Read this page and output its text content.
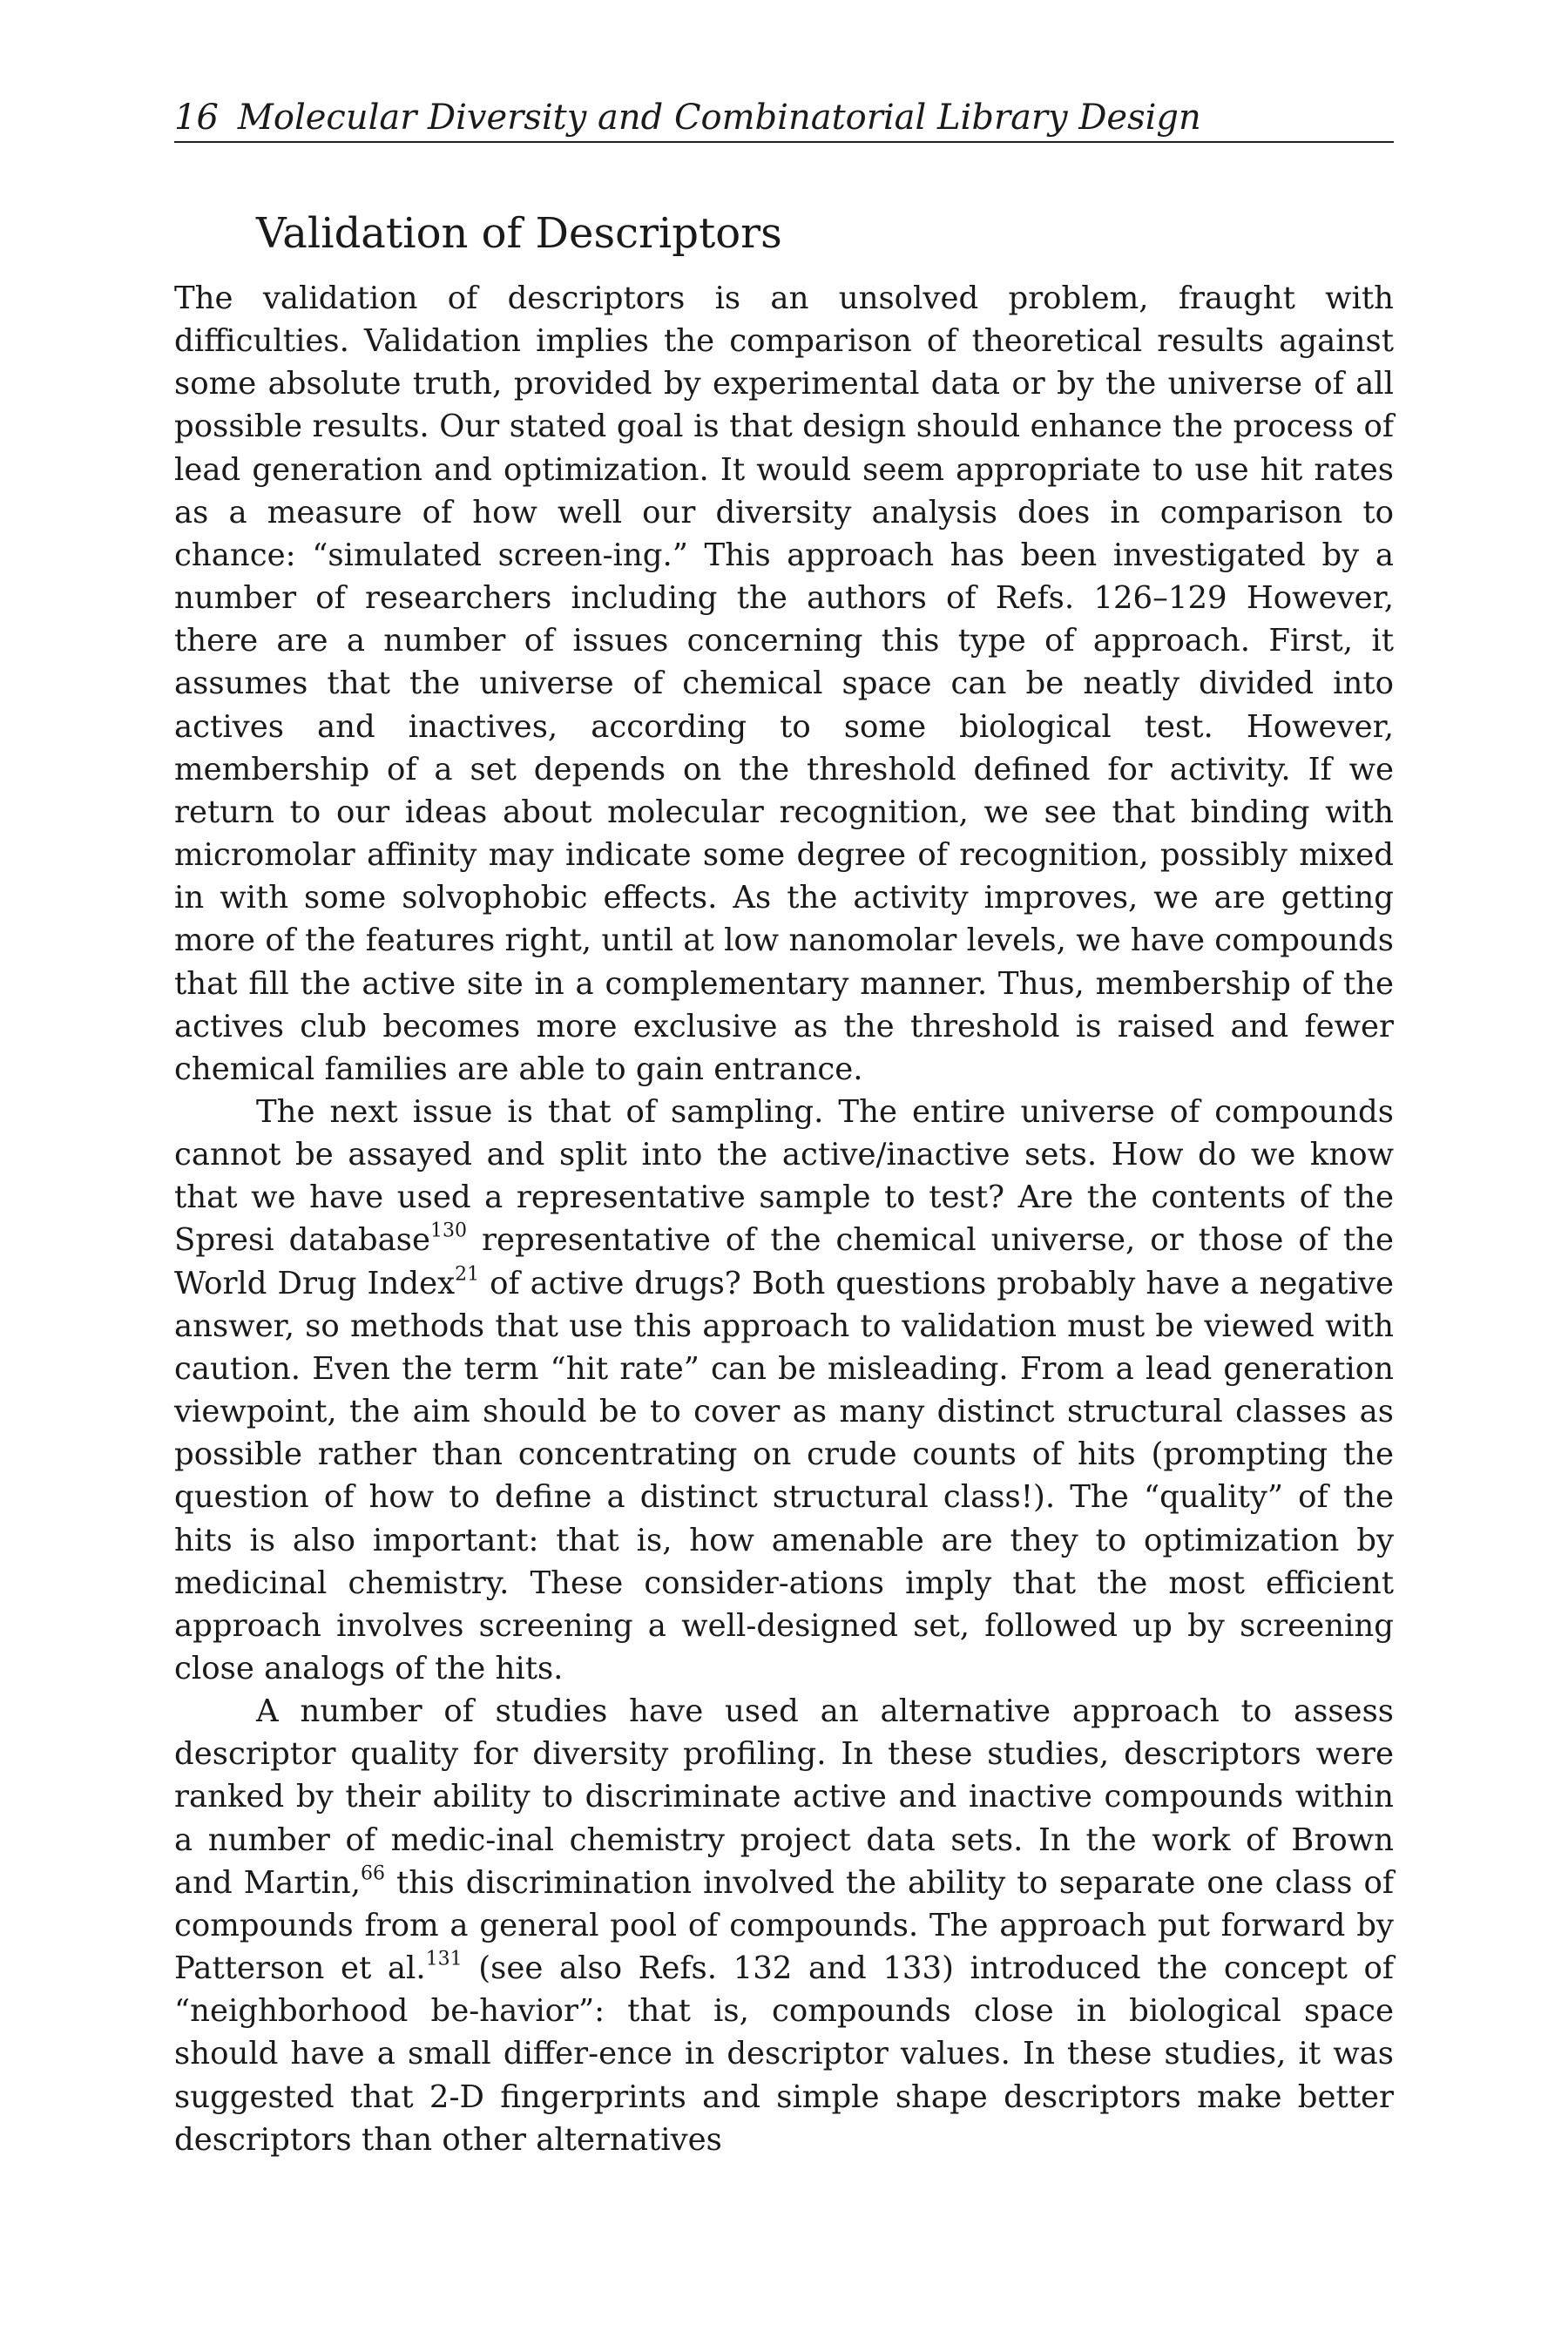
16 Molecular Diversity and Combinatorial Library Design
Validation of Descriptors

The validation of descriptors is an unsolved problem, fraught with difficulties. Validation implies the comparison of theoretical results against some absolute truth, provided by experimental data or by the universe of all possible results. Our stated goal is that design should enhance the process of lead generation and optimization. It would seem appropriate to use hit rates as a measure of how well our diversity analysis does in comparison to chance: “simulated screen-ing.” This approach has been investigated by a number of researchers including the authors of Refs. 126–129 However, there are a number of issues concerning this type of approach. First, it assumes that the universe of chemical space can be neatly divided into actives and inactives, according to some biological test. However, membership of a set depends on the threshold defined for activity. If we return to our ideas about molecular recognition, we see that binding with micromolar affinity may indicate some degree of recognition, possibly mixed in with some solvophobic effects. As the activity improves, we are getting more of the features right, until at low nanomolar levels, we have compounds that fill the active site in a complementary manner. Thus, membership of the actives club becomes more exclusive as the threshold is raised and fewer chemical families are able to gain entrance.

The next issue is that of sampling. The entire universe of compounds cannot be assayed and split into the active/inactive sets. How do we know that we have used a representative sample to test? Are the contents of the Spresi database$^{130}$ representative of the chemical universe, or those of the World Drug Index$^{21}$ of active drugs? Both questions probably have a negative answer, so methods that use this approach to validation must be viewed with caution. Even the term “hit rate” can be misleading. From a lead generation viewpoint, the aim should be to cover as many distinct structural classes as possible rather than concentrating on crude counts of hits (prompting the question of how to define a distinct structural class!). The “quality” of the hits is also important: that is, how amenable are they to optimization by medicinal chemistry. These consider-ations imply that the most efficient approach involves screening a well-designed set, followed up by screening close analogs of the hits.

A number of studies have used an alternative approach to assess descriptor quality for diversity profiling. In these studies, descriptors were ranked by their ability to discriminate active and inactive compounds within a number of medic-inal chemistry project data sets. In the work of Brown and Martin,$^{66}$ this discrimination involved the ability to separate one class of compounds from a general pool of compounds. The approach put forward by Patterson et al.$^{131}$ (see also Refs. 132 and 133) introduced the concept of “neighborhood be-havior”: that is, compounds close in biological space should have a small differ-ence in descriptor values. In these studies, it was suggested that 2-D fingerprints and simple shape descriptors make better descriptors than other alternatives
